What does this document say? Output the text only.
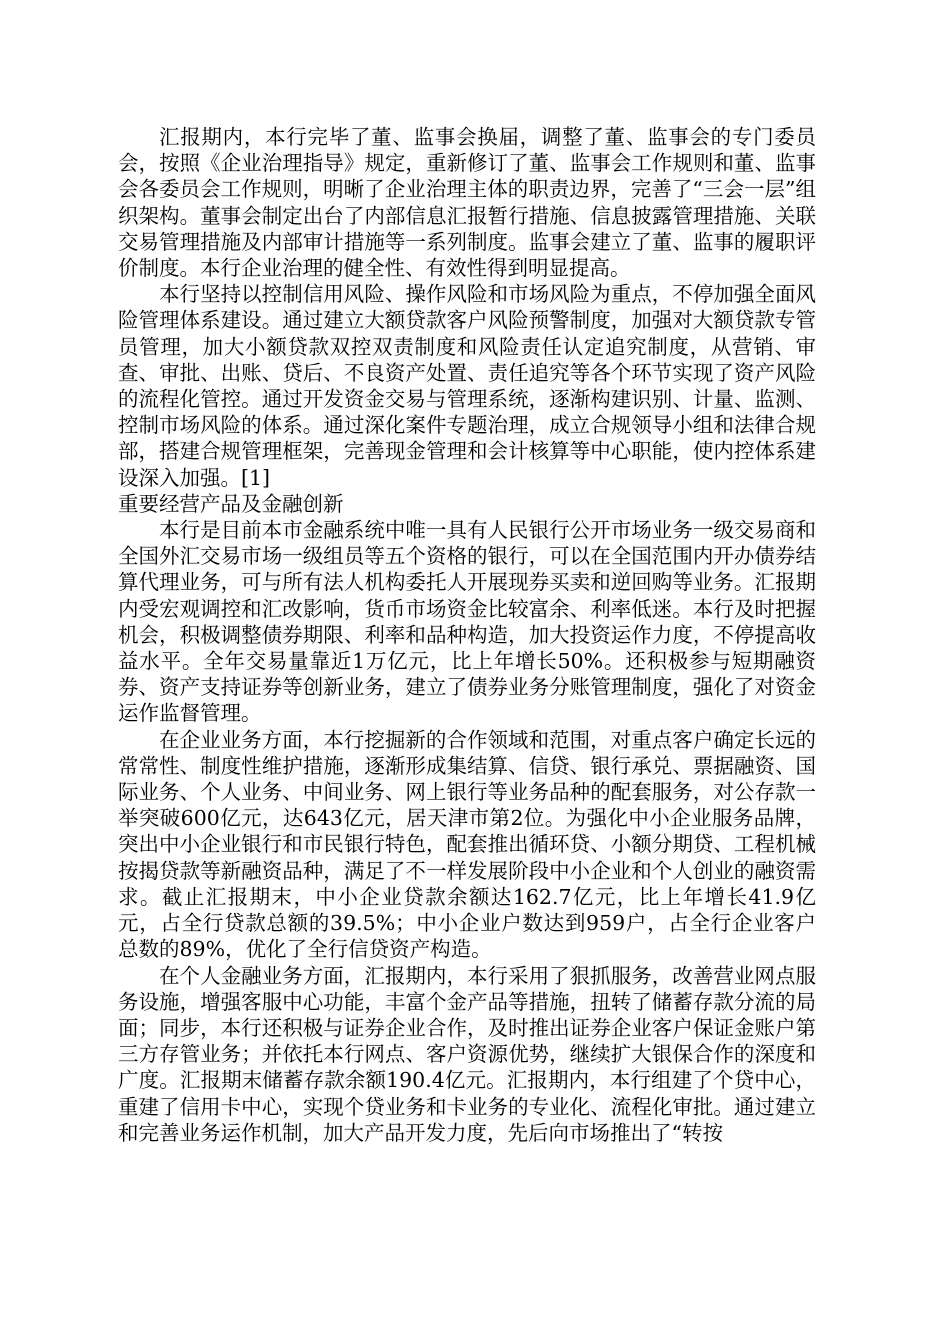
汇报期内，本行完毕了董、监事会换届，调整了董、监事会的专门委员会，按照《企业治理指导》规定，重新修订了董、监事会工作规则和董、监事会各委员会工作规则，明晰了企业治理主体的职责边界，完善了“三会一层”组织架构。董事会制定出台了内部信息汇报暂行措施、信息披露管理措施、关联交易管理措施及内部审计措施等一系列制度。监事会建立了董、监事的履职评价制度。本行企业治理的健全性、有效性得到明显提高。

本行坚持以控制信用风险、操作风险和市场风险为重点，不停加强全面风险管理体系建设。通过建立大额贷款客户风险预警制度，加强对大额贷款专管员管理，加大小额贷款双控双责制度和风险责任认定追究制度，从营销、审查、审批、出账、贷后、不良资产处置、责任追究等各个环节实现了资产风险的流程化管控。通过开发资金交易与管理系统，逐渐构建识别、计量、监测、控制市场风险的体系。通过深化案件专题治理，成立合规领导小组和法律合规部，搭建合规管理框架，完善现金管理和会计核算等中心职能，使内控体系建设深入加强。[1]

重要经营产品及金融创新

本行是目前本市金融系统中唯一具有人民银行公开市场业务一级交易商和全国外汇交易市场一级组员等五个资格的银行，可以在全国范围内开办债券结算代理业务，可与所有法人机构委托人开展现券买卖和逆回购等业务。汇报期内受宏观调控和汇改影响，货币市场资金比较富余、利率低迷。本行及时把握机会，积极调整债券期限、利率和品种构造，加大投资运作力度，不停提高收益水平。全年交易量靠近1万亿元，比上年增长50%。还积极参与短期融资券、资产支持证券等创新业务，建立了债券业务分账管理制度，强化了对资金运作监督管理。

在企业业务方面，本行挖掘新的合作领域和范围，对重点客户确定长远的常常性、制度性维护措施，逐渐形成集结算、信贷、银行承兑、票据融资、国际业务、个人业务、中间业务、网上银行等业务品种的配套服务，对公存款一举突破600亿元，达643亿元，居天津市第2位。为强化中小企业服务品牌，突出中小企业银行和市民银行特色，配套推出循环贷、小额分期贷、工程机械按揭贷款等新融资品种，满足了不一样发展阶段中小企业和个人创业的融资需求。截止汇报期末，中小企业贷款余额达162.7亿元，比上年增长41.9亿元，占全行贷款总额的39.5%；中小企业户数达到959户，占全行企业客户总数的89%，优化了全行信贷资产构造。

在个人金融业务方面，汇报期内，本行采用了狠抓服务，改善营业网点服务设施，增强客服中心功能，丰富个金产品等措施，扭转了储蓄存款分流的局面；同步，本行还积极与证券企业合作，及时推出证券企业客户保证金账户第三方存管业务；并依托本行网点、客户资源优势，继续扩大银保合作的深度和广度。汇报期末储蓄存款余额190.4亿元。汇报期内，本行组建了个贷中心，重建了信用卡中心，实现个贷业务和卡业务的专业化、流程化审批。通过建立和完善业务运作机制，加大产品开发力度，先后向市场推出了“转按
